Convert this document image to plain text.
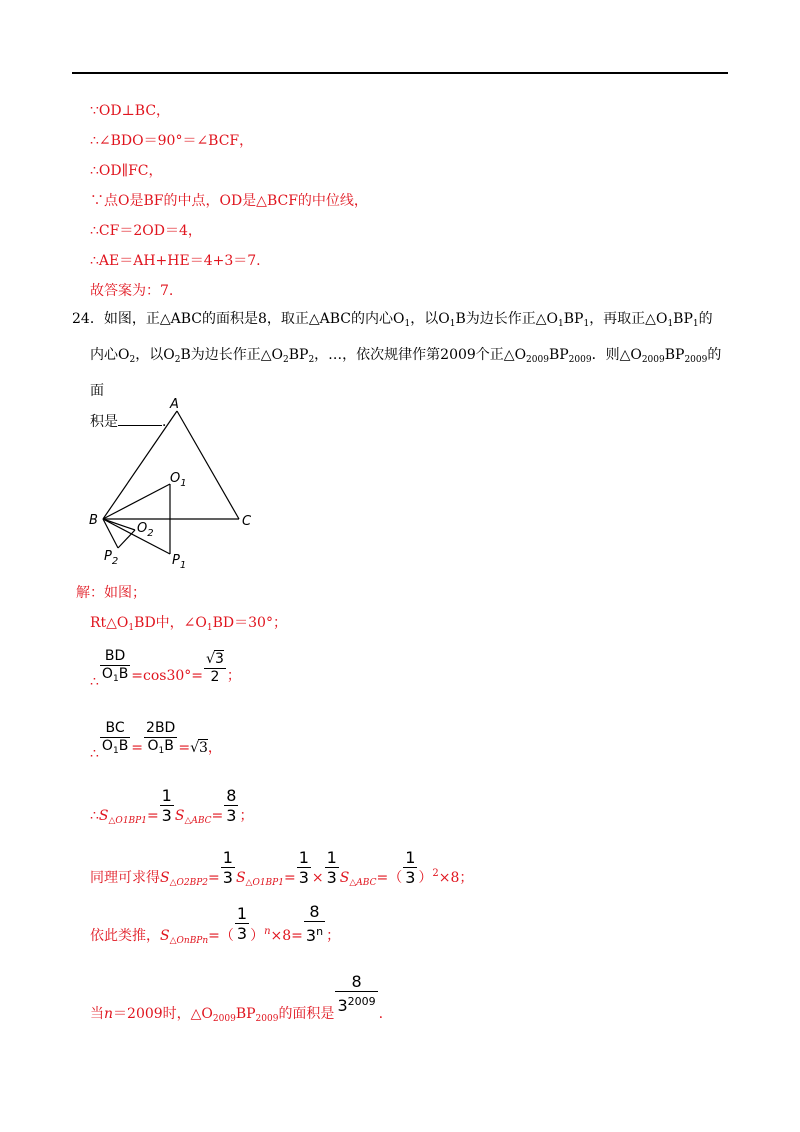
∵OD⊥BC，
∴∠BDO＝90°＝∠BCF，
∴OD∥FC，
∵点O是BF的中点，OD是△BCF的中位线，
∴CF＝2OD＝4，
∴AE＝AH+HE＝4+3＝7.
故答案为：7.
24．如图，正△ABC的面积是8，取正△ABC的内心$O_1$，以$O_1B$为边长作正$\triangle O_1BP_1$，再取正$\triangle O_1BP_1$的
内心$O_2$，以$O_2B$为边长作正$\triangle O_2BP_2$，…，依次规律作第2009个正$\triangle O_{2009}BP_{2009}$．则$\triangle O_{2009}BP_{2009}$的面
积是	．
A
B	C
$O_1$
$O_2$
$P_1$
$P_2$
解：如图；
$Rt\triangle O_1BD$中，$\angle O_1BD=30^\circ$；
∴ $\frac{BD}{O_1B} =\cos 30^\circ= \frac{√3}{2}$ ；
∴ $\frac{BC}{O_1B} = \frac{2BD}{O_1B} =√3$，
$\therefore S_{\triangle O1BP1}= \frac{1}{3} S_{\triangle ABC}= \frac{8}{3}$ ；
同理可求得$S_{\triangle O2BP2}= \frac{1}{3} S_{\triangle O1BP1}= \frac{1}{3} \times \frac{1}{3} S_{\triangle ABC}=( \frac{1}{3} )^2\times 8$；
依此类推，$S_{\triangle OnBPn}=( \frac{1}{3} )^n\times 8= \frac{8}{3^n}$ ；
当n＝2009时，$\triangle O_{2009}BP_{2009}$的面积是 $\frac{8}{3^{2009}}$ .
